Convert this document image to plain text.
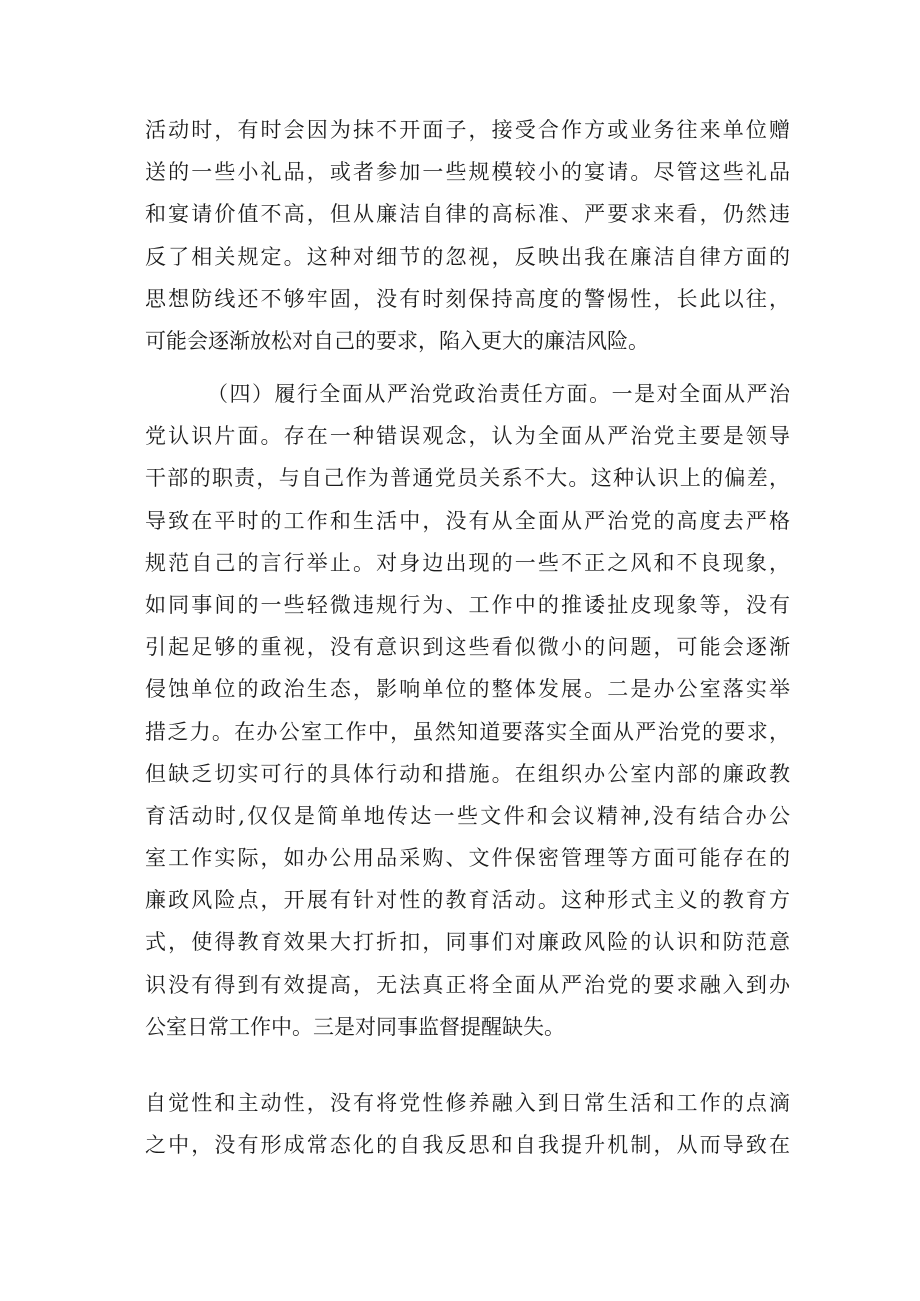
活动时，有时会因为抹不开面子，接受合作方或业务往来单位赠
送的一些小礼品，或者参加一些规模较小的宴请。尽管这些礼品
和宴请价值不高，但从廉洁自律的高标准、严要求来看，仍然违
反了相关规定。这种对细节的忽视，反映出我在廉洁自律方面的
思想防线还不够牢固，没有时刻保持高度的警惕性，长此以往，
可能会逐渐放松对自己的要求，陷入更大的廉洁风险。
（四）履行全面从严治党政治责任方面。一是对全面从严治
党认识片面。存在一种错误观念，认为全面从严治党主要是领导
干部的职责，与自己作为普通党员关系不大。这种认识上的偏差，
导致在平时的工作和生活中，没有从全面从严治党的高度去严格
规范自己的言行举止。对身边出现的一些不正之风和不良现象，
如同事间的一些轻微违规行为、工作中的推诿扯皮现象等，没有
引起足够的重视，没有意识到这些看似微小的问题，可能会逐渐
侵蚀单位的政治生态，影响单位的整体发展。二是办公室落实举
措乏力。在办公室工作中，虽然知道要落实全面从严治党的要求，
但缺乏切实可行的具体行动和措施。在组织办公室内部的廉政教
育活动时,仅仅是简单地传达一些文件和会议精神,没有结合办公
室工作实际，如办公用品采购、文件保密管理等方面可能存在的
廉政风险点，开展有针对性的教育活动。这种形式主义的教育方
式，使得教育效果大打折扣，同事们对廉政风险的认识和防范意
识没有得到有效提高，无法真正将全面从严治党的要求融入到办
公室日常工作中。三是对同事监督提醒缺失。
自觉性和主动性，没有将党性修养融入到日常生活和工作的点滴
之中，没有形成常态化的自我反思和自我提升机制，从而导致在
